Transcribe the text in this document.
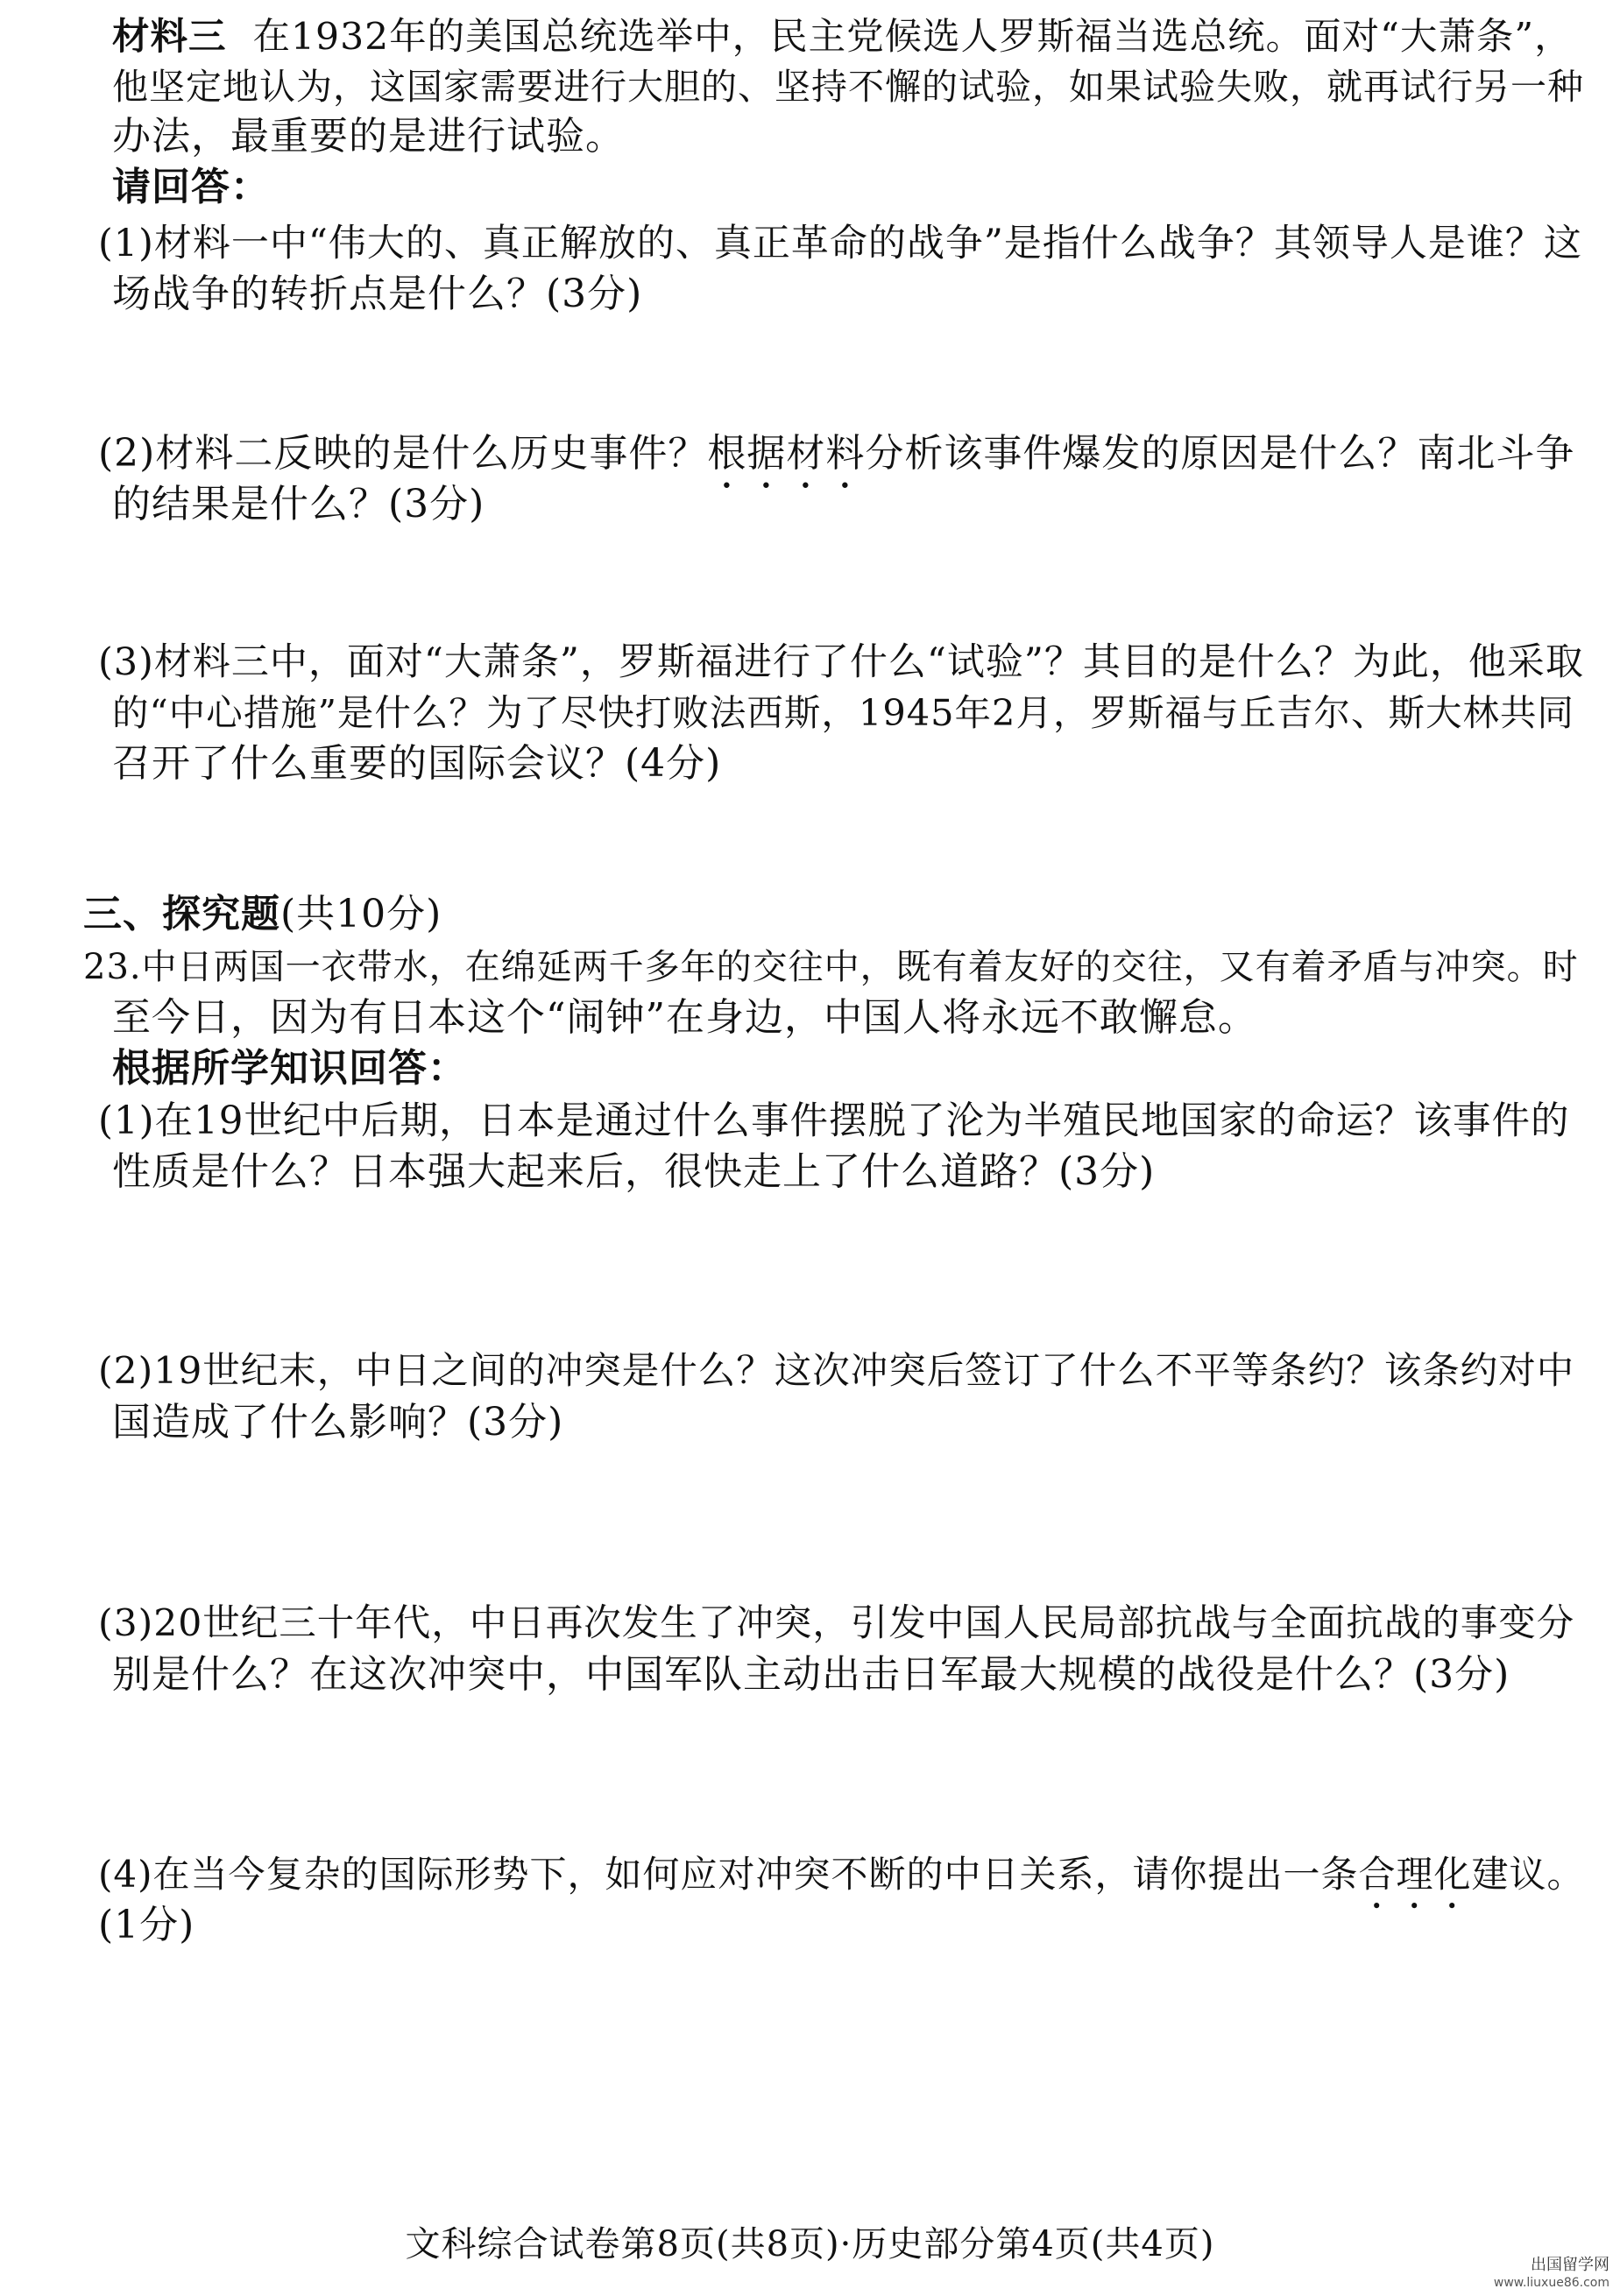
材料三 在1932年的美国总统选举中，民主党候选人罗斯福当选总统。面对“大萧条”，
他坚定地认为，这国家需要进行大胆的、坚持不懈的试验，如果试验失败，就再试行另一种
办法，最重要的是进行试验。
请回答：
(1)材料一中“伟大的、真正解放的、真正革命的战争”是指什么战争？其领导人是谁？这
场战争的转折点是什么？(3分)
(2)材料二反映的是什么历史事件？根据材料分析该事件爆发的原因是什么？南北斗争
的结果是什么？(3分)
(3)材料三中，面对“大萧条”，罗斯福进行了什么“试验”？其目的是什么？为此，他采取
的“中心措施”是什么？为了尽快打败法西斯，1945年2月，罗斯福与丘吉尔、斯大林共同
召开了什么重要的国际会议？(4分)
三、探究题(共10分)
23.中日两国一衣带水，在绵延两千多年的交往中，既有着友好的交往，又有着矛盾与冲突。时
至今日，因为有日本这个“闹钟”在身边，中国人将永远不敢懈怠。
根据所学知识回答：
(1)在19世纪中后期，日本是通过什么事件摆脱了沦为半殖民地国家的命运？该事件的
性质是什么？日本强大起来后，很快走上了什么道路？(3分)
(2)19世纪末，中日之间的冲突是什么？这次冲突后签订了什么不平等条约？该条约对中
国造成了什么影响？(3分)
(3)20世纪三十年代，中日再次发生了冲突，引发中国人民局部抗战与全面抗战的事变分
别是什么？在这次冲突中，中国军队主动出击日军最大规模的战役是什么？(3分)
(4)在当今复杂的国际形势下，如何应对冲突不断的中日关系，请你提出一条合理化建议。
(1分)
文科综合试卷第8页(共8页)·历史部分第4页(共4页)
出国留学网
www.liuxue86.com
